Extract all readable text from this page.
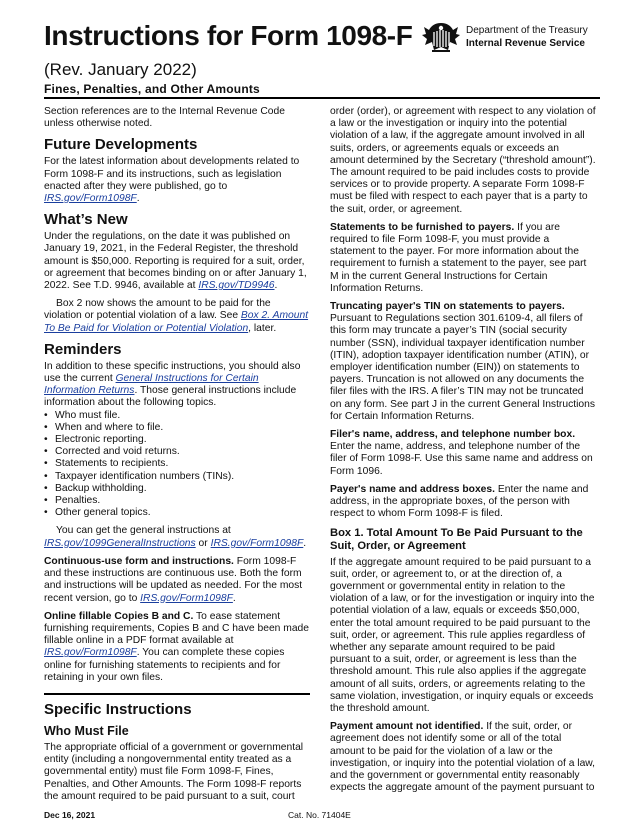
Instructions for Form 1098-F
(Rev. January 2022)
Fines, Penalties, and Other Amounts
Department of the Treasury
Internal Revenue Service

Section references are to the Internal Revenue Code unless otherwise noted.

Future Developments

For the latest information about developments related to Form 1098-F and its instructions, such as legislation enacted after they were published, go to IRS.gov/Form1098F.

What’s New

Under the regulations, on the date it was published on January 19, 2021, in the Federal Register, the threshold amount is $50,000. Reporting is required for a suit, order, or agreement that becomes binding on or after January 1, 2022. See T.D. 9946, available at IRS.gov/TD9946.

Box 2 now shows the amount to be paid for the violation or potential violation of a law. See Box 2. Amount To Be Paid for Violation or Potential Violation, later.

Reminders

In addition to these specific instructions, you should also use the current General Instructions for Certain Information Returns. Those general instructions include information about the following topics.

• Who must file.
• When and where to file.
• Electronic reporting.
• Corrected and void returns.
• Statements to recipients.
• Taxpayer identification numbers (TINs).
• Backup withholding.
• Penalties.
• Other general topics.

You can get the general instructions at IRS.gov/1099GeneralInstructions or IRS.gov/Form1098F.

Continuous-use form and instructions. Form 1098-F and these instructions are continuous use. Both the form and instructions will be updated as needed. For the most recent version, go to IRS.gov/Form1098F.

Online fillable Copies B and C. To ease statement furnishing requirements, Copies B and C have been made fillable online in a PDF format available at IRS.gov/Form1098F. You can complete these copies online for furnishing statements to recipients and for retaining in your own files.

Specific Instructions
Who Must File

The appropriate official of a government or governmental entity (including a nongovernmental entity treated as a governmental entity) must file Form 1098-F, Fines, Penalties, and Other Amounts. The Form 1098-F reports the amount required to be paid pursuant to a suit, court

order (order), or agreement with respect to any violation of a law or the investigation or inquiry into the potential violation of a law, if the aggregate amount involved in all suits, orders, or agreements equals or exceeds an amount determined by the Secretary (“threshold amount”). The amount required to be paid includes costs to provide services or to provide property. A separate Form 1098-F must be filed with respect to each payer that is a party to the suit, order, or agreement.

Statements to be furnished to payers. If you are required to file Form 1098-F, you must provide a statement to the payer. For more information about the requirement to furnish a statement to the payer, see part M in the current General Instructions for Certain Information Returns.

Truncating payer's TIN on statements to payers. Pursuant to Regulations section 301.6109-4, all filers of this form may truncate a payer’s TIN (social security number (SSN), individual taxpayer identification number (ITIN), adoption taxpayer identification number (ATIN), or employer identification number (EIN)) on statements to payers. Truncation is not allowed on any documents the filer files with the IRS. A filer’s TIN may not be truncated on any form. See part J in the current General Instructions for Certain Information Returns.

Filer's name, address, and telephone number box. Enter the name, address, and telephone number of the filer of Form 1098-F. Use this same name and address on Form 1096.

Payer's name and address boxes. Enter the name and address, in the appropriate boxes, of the person with respect to whom Form 1098-F is filed.

Box 1. Total Amount To Be Paid Pursuant to the Suit, Order, or Agreement

If the aggregate amount required to be paid pursuant to a suit, order, or agreement to, or at the direction of, a government or governmental entity in relation to the violation of a law, or for the investigation or inquiry into the potential violation of a law, equals or exceeds $50,000, enter the total amount required to be paid pursuant to the suit, order, or agreement. This rule applies regardless of whether any separate amount required to be paid pursuant to a suit, order, or agreement is less than the threshold amount. This rule also applies if the aggregate amount of all suits, orders, or agreements relating to the same violation, investigation, or inquiry equals or exceeds the threshold amount.

Payment amount not identified. If the suit, order, or agreement does not identify some or all of the total amount to be paid for the violation of a law or the investigation, or inquiry into the potential violation of a law, and the government or governmental entity reasonably expects the aggregate amount of the payment pursuant to

Dec 16, 2021	Cat. No. 71404E
